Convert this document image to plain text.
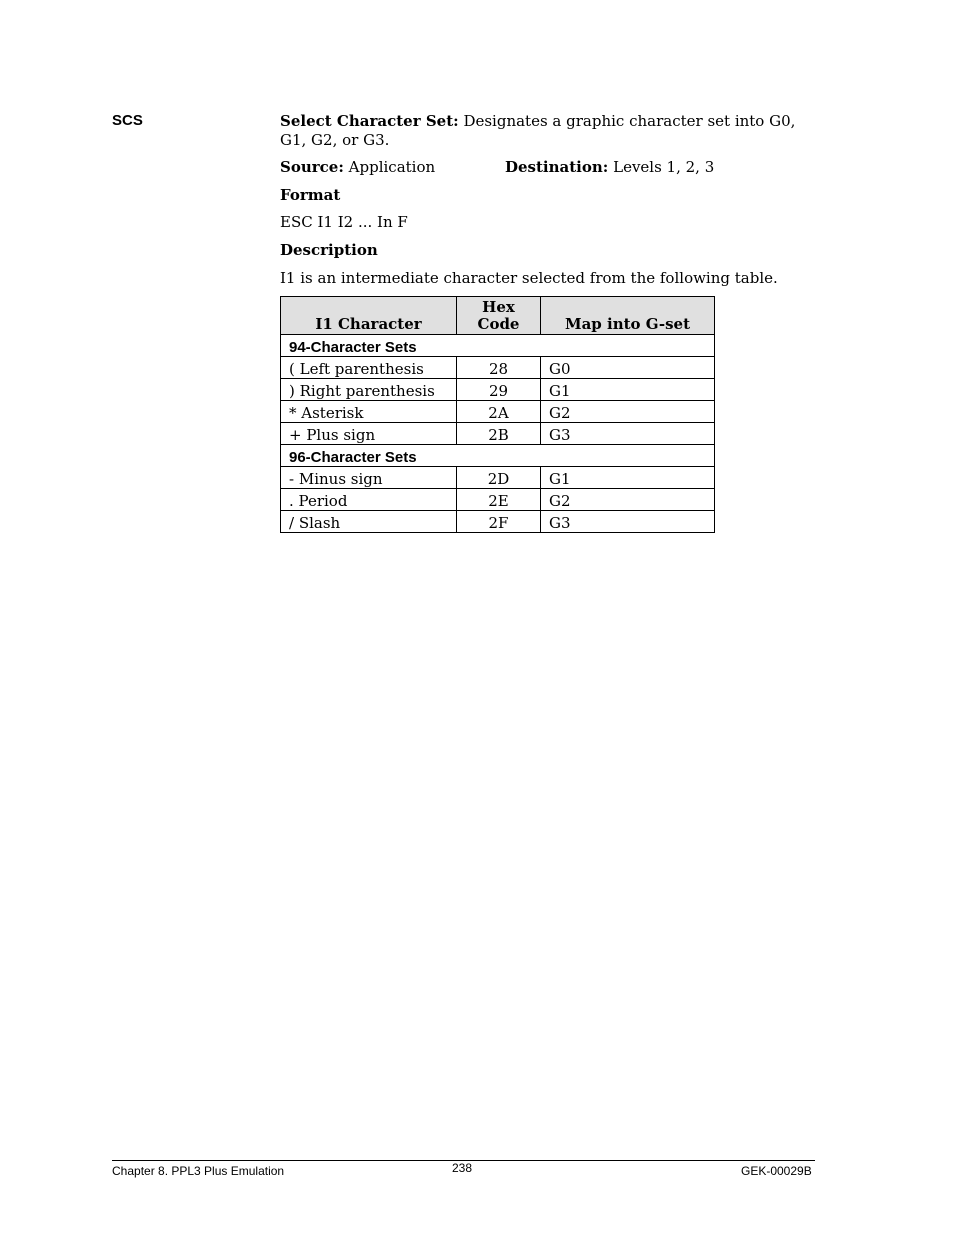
SCS	Select Character Set: Designates a graphic character set into G0, G1, G2, or G3.
Source: Application	Destination: Levels 1, 2, 3
Format
ESC I1 I2 ... In F
Description
I1 is an intermediate character selected from the following table.
I1 Character	Hex Code	Map into G-set
94-Character Sets		
( Left parenthesis	28	G0
) Right parenthesis	29	G1
* Asterisk	2A	G2
+ Plus sign	2B	G3
96-Character Sets		
- Minus sign	2D	G1
. Period	2E	G2
/ Slash	2F	G3
Chapter 8. PPL3 Plus Emulation	238	GEK-00029B
